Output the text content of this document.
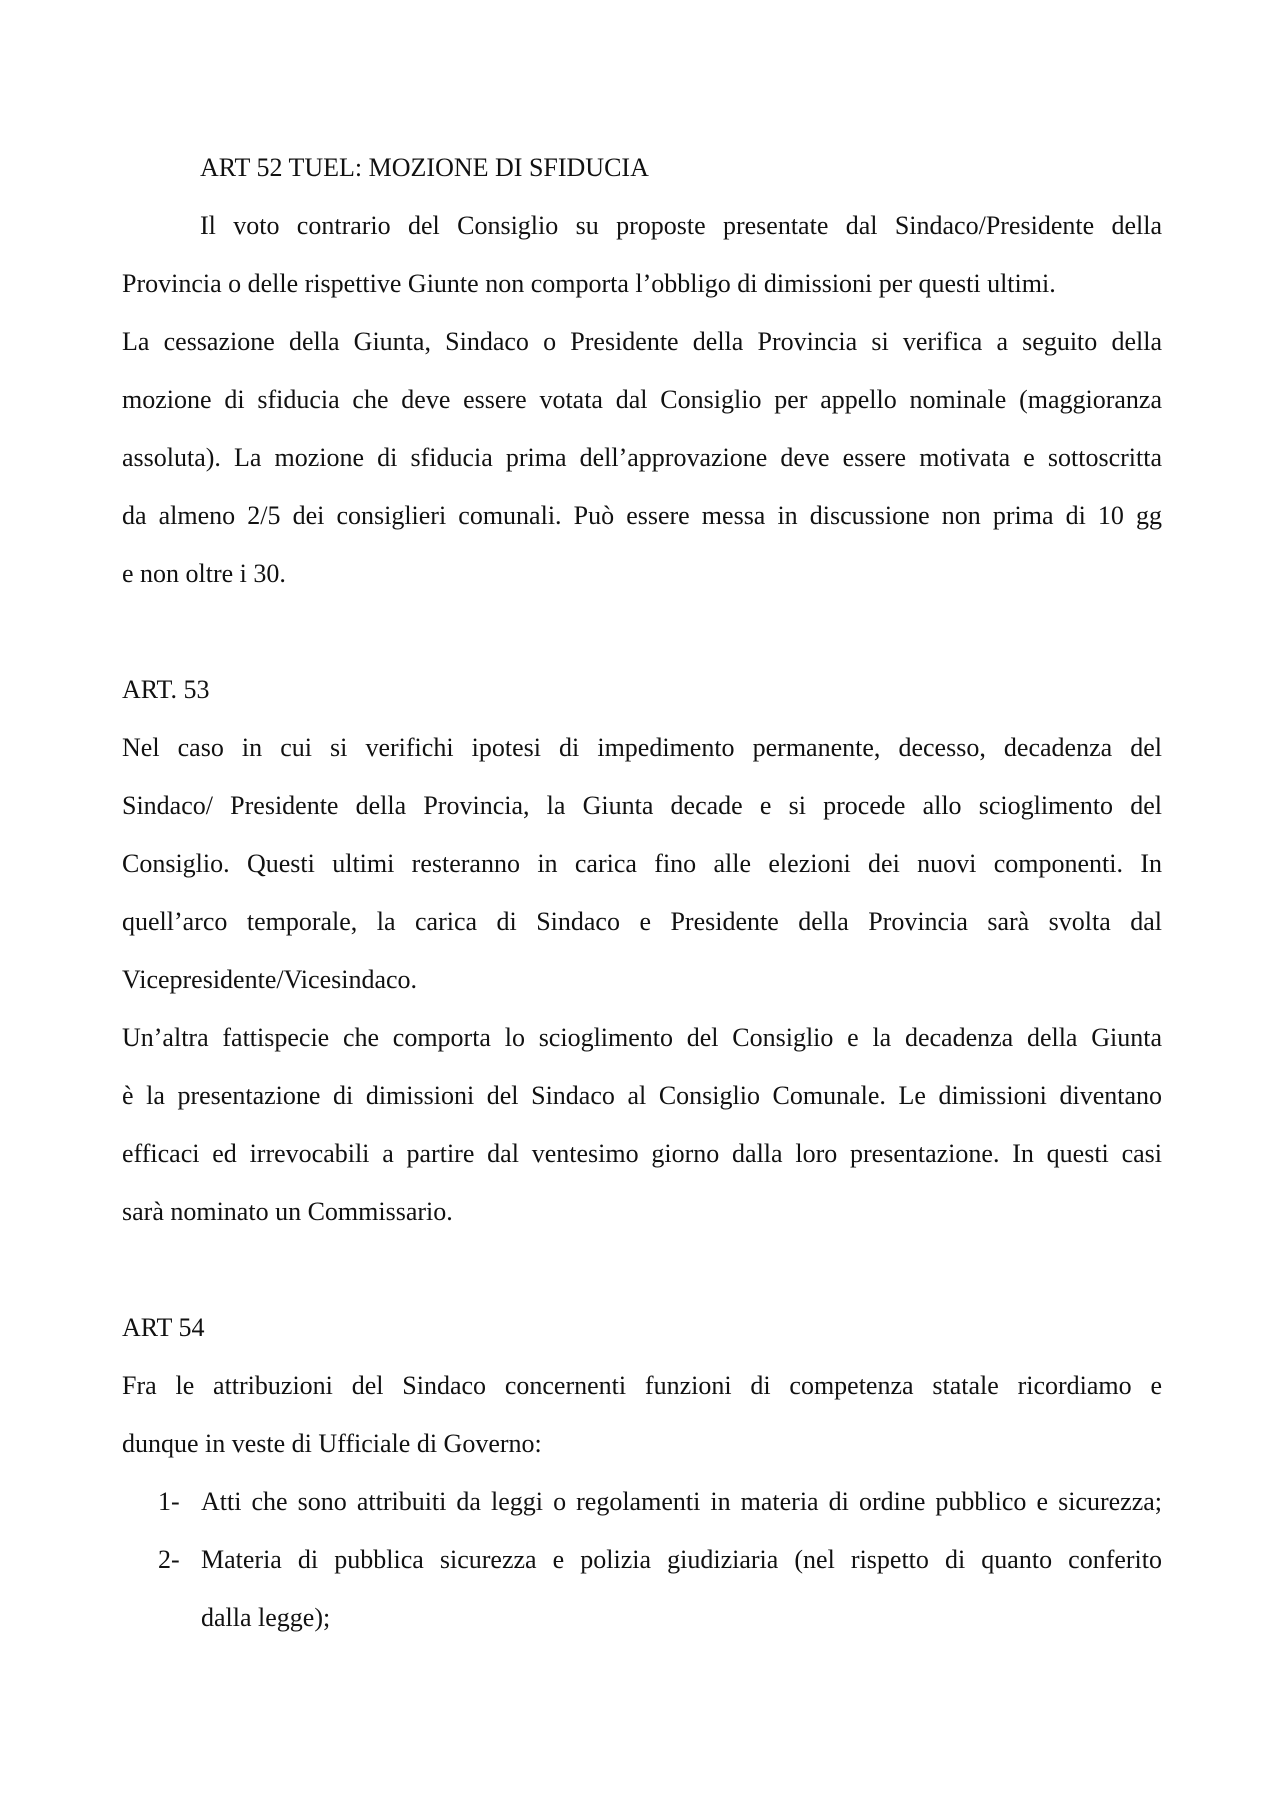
ART 52 TUEL: MOZIONE DI SFIDUCIA
Il voto contrario del Consiglio su proposte presentate dal Sindaco/Presidente della
Provincia o delle rispettive Giunte non comporta l’obbligo di dimissioni per questi ultimi.
La cessazione della Giunta, Sindaco o Presidente della Provincia si verifica a seguito della
mozione di sfiducia che deve essere votata dal Consiglio per appello nominale (maggioranza
assoluta). La mozione di sfiducia prima dell’approvazione deve essere motivata e sottoscritta
da almeno 2/5 dei consiglieri comunali. Può essere messa in discussione non prima di 10 gg
e non oltre i 30.
ART. 53
Nel caso in cui si verifichi ipotesi di impedimento permanente, decesso, decadenza del
Sindaco/ Presidente della Provincia, la Giunta decade e si procede allo scioglimento del
Consiglio. Questi ultimi resteranno in carica fino alle elezioni dei nuovi componenti. In
quell’arco temporale, la carica di Sindaco e Presidente della Provincia sarà svolta dal
Vicepresidente/Vicesindaco.
Un’altra fattispecie che comporta lo scioglimento del Consiglio e la decadenza della Giunta
è la presentazione di dimissioni del Sindaco al Consiglio Comunale. Le dimissioni diventano
efficaci ed irrevocabili a partire dal ventesimo giorno dalla loro presentazione. In questi casi
sarà nominato un Commissario.
ART 54
Fra le attribuzioni del Sindaco concernenti funzioni di competenza statale ricordiamo e
dunque in veste di Ufficiale di Governo:
1- Atti che sono attribuiti da leggi o regolamenti in materia di ordine pubblico e sicurezza;
2- Materia di pubblica sicurezza e polizia giudiziaria (nel rispetto di quanto conferito
dalla legge);
